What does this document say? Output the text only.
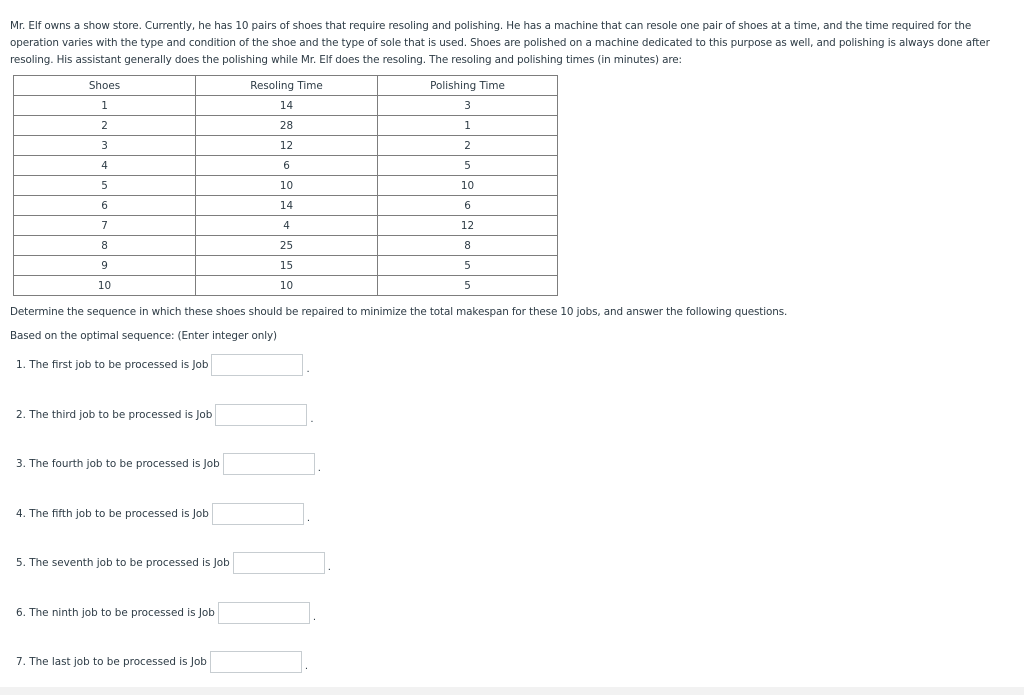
Mr. Elf owns a show store. Currently, he has 10 pairs of shoes that require resoling and polishing. He has a machine that can resole one pair of shoes at a time, and the time required for the operation varies with the type and condition of the shoe and the type of sole that is used. Shoes are polished on a machine dedicated to this purpose as well, and polishing is always done after resoling. His assistant generally does the polishing while Mr. Elf does the resoling. The resoling and polishing times (in minutes) are:

Shoes	Resoling Time	Polishing Time
1	14	3
2	28	1
3	12	2
4	6	5
5	10	10
6	14	6
7	4	12
8	25	8
9	15	5
10	10	5

Determine the sequence in which these shoes should be repaired to minimize the total makespan for these 10 jobs, and answer the following questions.

Based on the optimal sequence: (Enter integer only)

1. The first job to be processed is Job	.
2. The third job to be processed is Job	.
3. The fourth job to be processed is Job	.
4. The fifth job to be processed is Job	.
5. The seventh job to be processed is Job	.
6. The ninth job to be processed is Job	.
7. The last job to be processed is Job	.
